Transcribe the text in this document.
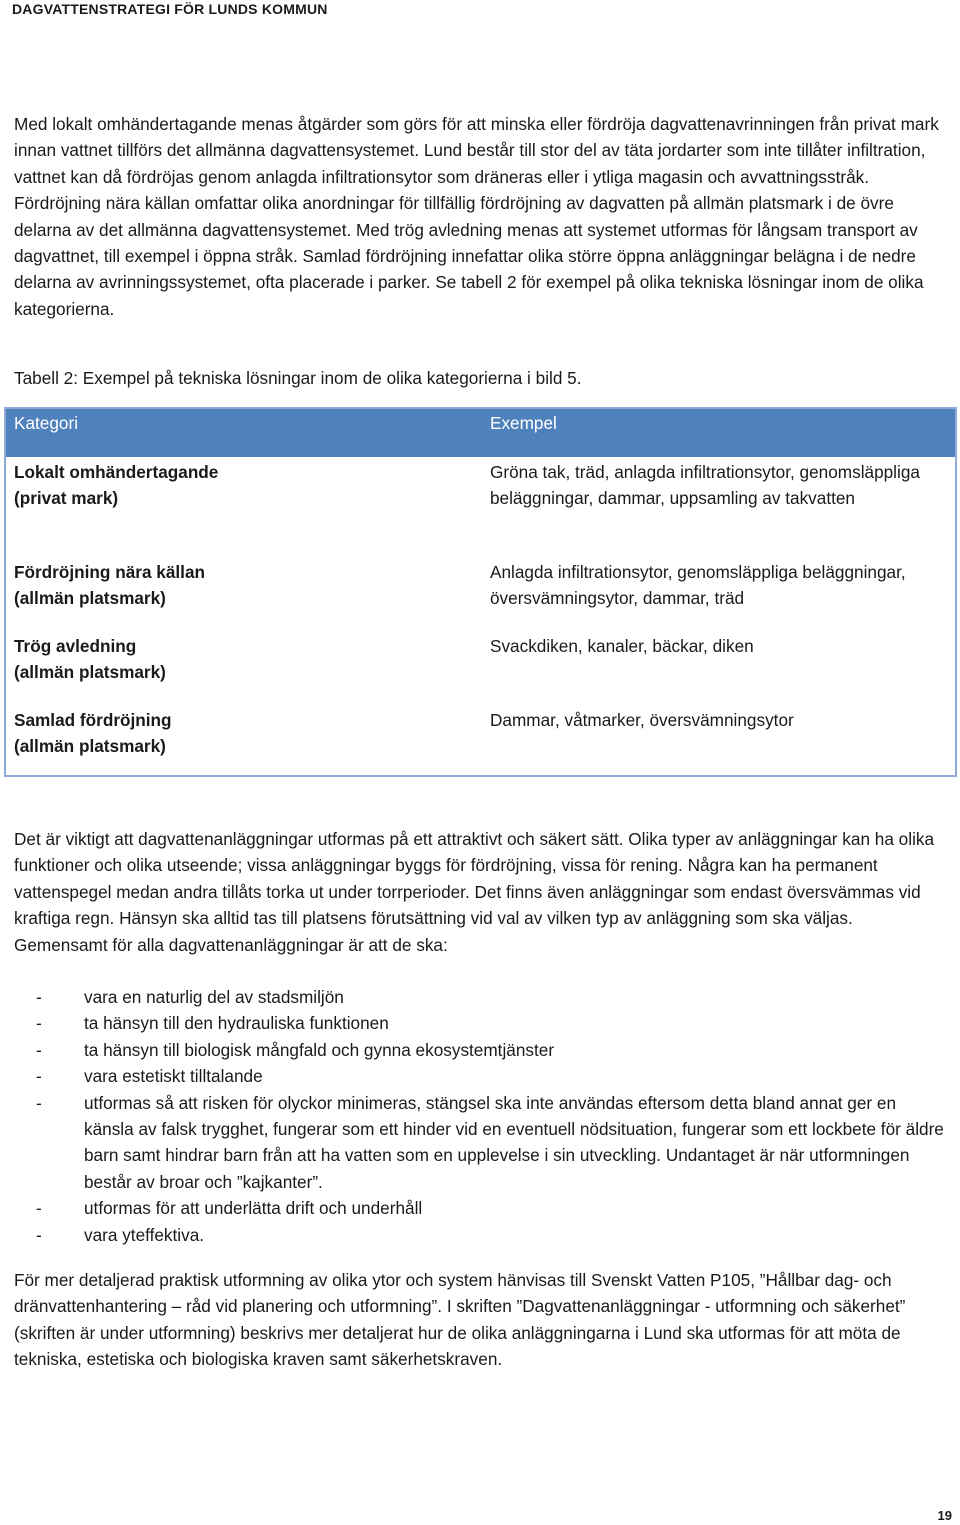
DAGVATTENSTRATEGI FÖR LUNDS KOMMUN

Med lokalt omhändertagande menas åtgärder som görs för att minska eller fördröja dagvattenavrinningen från privat mark innan vattnet tillförs det allmänna dagvattensystemet. Lund består till stor del av täta jordarter som inte tillåter infiltration, vattnet kan då fördröjas genom anlagda infiltrationsytor som dräneras eller i ytliga magasin och avvattningsstråk. Fördröjning nära källan omfattar olika anordningar för tillfällig fördröjning av dagvatten på allmän platsmark i de övre delarna av det allmänna dagvattensystemet. Med trög avledning menas att systemet utformas för långsam transport av dagvattnet, till exempel i öppna stråk. Samlad fördröjning innefattar olika större öppna anläggningar belägna i de nedre delarna av avrinningssystemet, ofta placerade i parker. Se tabell 2 för exempel på olika tekniska lösningar inom de olika kategorierna.

Tabell 2: Exempel på tekniska lösningar inom de olika kategorierna i bild 5.

Kategori	Exempel
Lokalt omhändertagande
(privat mark)
Gröna tak, träd, anlagda infiltrationsytor, genomsläppliga beläggningar, dammar, uppsamling av takvatten
Fördröjning nära källan
(allmän platsmark)
Anlagda infiltrationsytor, genomsläppliga beläggningar, översvämningsytor, dammar, träd
Trög avledning
(allmän platsmark)
Svackdiken, kanaler, bäckar, diken
Samlad fördröjning
(allmän platsmark)
Dammar, våtmarker, översvämningsytor

Det är viktigt att dagvattenanläggningar utformas på ett attraktivt och säkert sätt. Olika typer av anläggningar kan ha olika funktioner och olika utseende; vissa anläggningar byggs för fördröjning, vissa för rening. Några kan ha permanent vattenspegel medan andra tillåts torka ut under torrperioder. Det finns även anläggningar som endast översvämmas vid kraftiga regn. Hänsyn ska alltid tas till platsens förutsättning vid val av vilken typ av anläggning som ska väljas. Gemensamt för alla dagvattenanläggningar är att de ska:

- vara en naturlig del av stadsmiljön
- ta hänsyn till den hydrauliska funktionen
- ta hänsyn till biologisk mångfald och gynna ekosystemtjänster
- vara estetiskt tilltalande
- utformas så att risken för olyckor minimeras, stängsel ska inte användas eftersom detta bland annat ger en känsla av falsk trygghet, fungerar som ett hinder vid en eventuell nödsituation, fungerar som ett lockbete för äldre barn samt hindrar barn från att ha vatten som en upplevelse i sin utveckling. Undantaget är när utformningen består av broar och ”kajkanter”.
- utformas för att underlätta drift och underhåll
- vara yteffektiva.

För mer detaljerad praktisk utformning av olika ytor och system hänvisas till Svenskt Vatten P105, ”Hållbar dag- och dränvattenhantering – råd vid planering och utformning”. I skriften ”Dagvattenanläggningar - utformning och säkerhet” (skriften är under utformning) beskrivs mer detaljerat hur de olika anläggningarna i Lund ska utformas för att möta de tekniska, estetiska och biologiska kraven samt säkerhetskraven.

19
